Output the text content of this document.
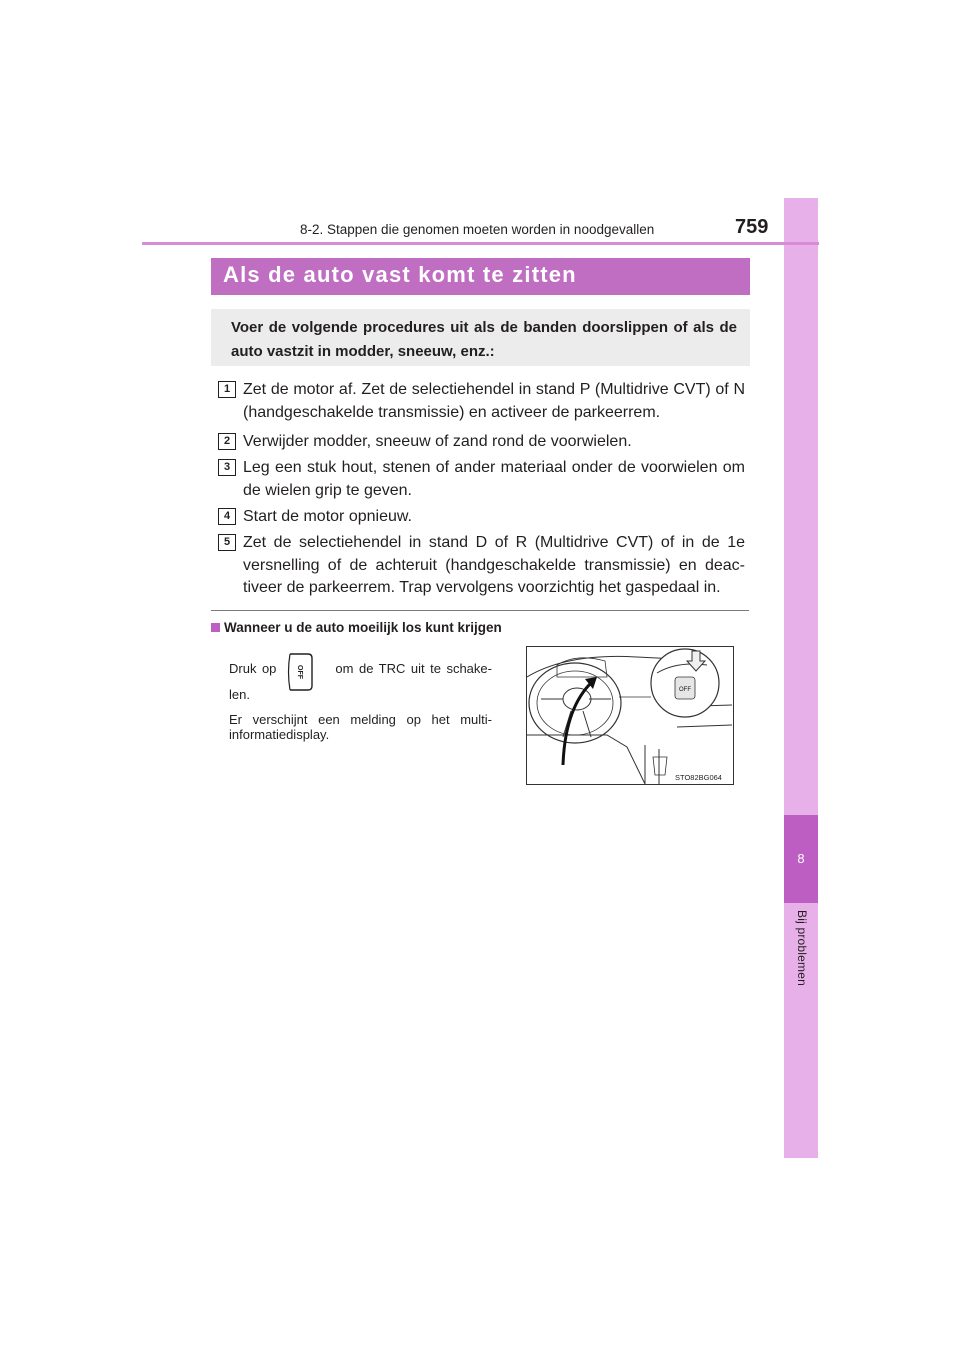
8
Bij problemen
8-2. Stappen die genomen moeten worden in noodgevallen	759
Als de auto vast komt te zitten
Voer de volgende procedures uit als de banden doorslippen of als de auto vastzit in modder, sneeuw, enz.:
1 Zet de motor af. Zet de selectiehendel in stand P (Multidrive CVT) of N (handgeschakelde transmissie) en activeer de parkeerrem.
2 Verwijder modder, sneeuw of zand rond de voorwielen.
3 Leg een stuk hout, stenen of ander materiaal onder de voorwielen om de wielen grip te geven.
4 Start de motor opnieuw.
5 Zet de selectiehendel in stand D of R (Multidrive CVT) of in de 1e versnelling of de achteruit (handgeschakelde transmissie) en deac-tiveer de parkeerrem. Trap vervolgens voorzichtig het gaspedaal in.
Wanneer u de auto moeilijk los kunt krijgen
Druk op	om de TRC uit te schake-
OFF
len.
Er verschijnt een melding op het multi-informatiedisplay.
OFF
STO82BG064
